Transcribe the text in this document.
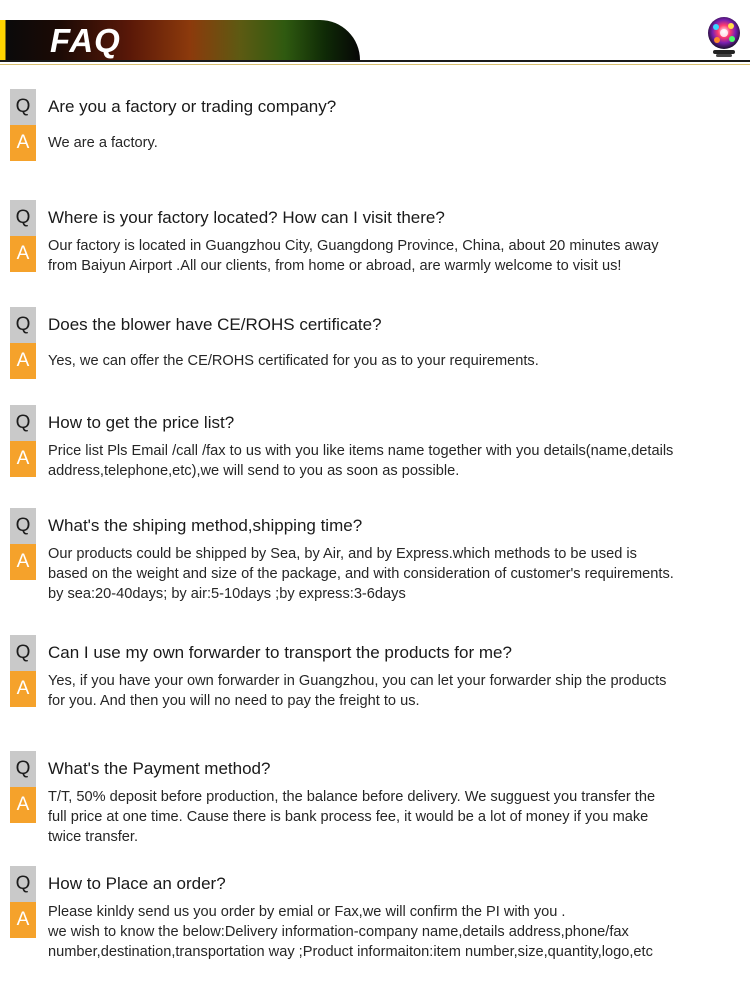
FAQ
Q	Are you a factory or trading company?
A	We are a factory.
Q	Where is your factory located? How can I visit there?
A	Our factory is located in Guangzhou City, Guangdong Province, China, about 20 minutes away
from Baiyun Airport .All our clients, from home or abroad, are warmly welcome to visit us!
Q	Does the blower have CE/ROHS certificate?
A	Yes, we can offer the CE/ROHS certificated for you as to your requirements.
Q	How to get the price list?
A	Price list Pls Email /call /fax to us with you like items name together with you details(name,details
address,telephone,etc),we will send to you as soon as possible.
Q	What's the shiping method,shipping time?
A	Our products could be shipped by Sea, by Air, and by Express.which methods to be used is
based on the weight and size of the package, and with consideration of customer's requirements.
by sea:20-40days; by air:5-10days ;by express:3-6days
Q	Can I use my own forwarder to transport the products for me?
A	Yes, if you have your own forwarder in Guangzhou, you can let your forwarder ship the products
for you. And then you will no need to pay the freight to us.
Q	What's the Payment method?
A	T/T, 50% deposit before production, the balance before delivery. We sugguest you transfer the
full price at one time. Cause there is bank process fee, it would be a lot of money if you make
twice transfer.
Q	How to Place an order?
A	Please kinldy send us you order by emial or Fax,we will confirm the PI with you .
we wish to know the below:Delivery information-company name,details address,phone/fax
number,destination,transportation way ;Product informaiton:item number,size,quantity,logo,etc
